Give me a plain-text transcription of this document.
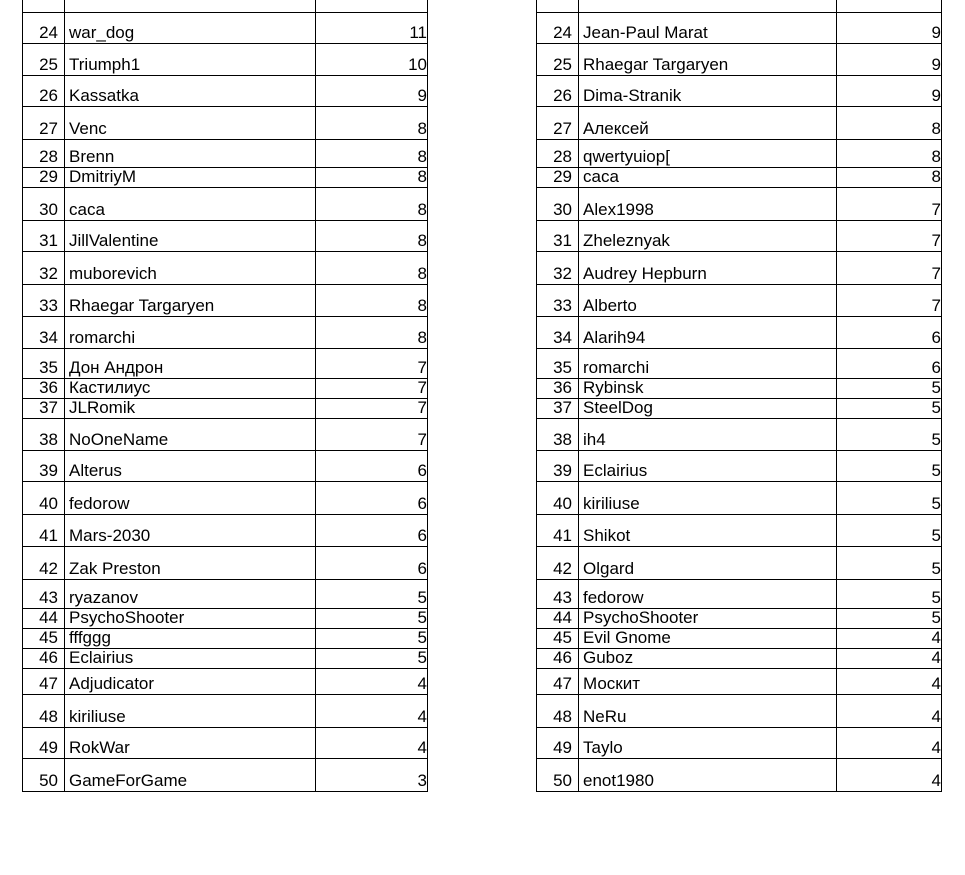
24	war_dog	11
25	Triumph1	10
26	Kassatka	9
27	Venc	8
28	Brenn	8
29	DmitriyM	8
30	caca	8
31	JillValentine	8
32	muborevich	8
33	Rhaegar Targaryen	8
34	romarchi	8
35	Дон Андрон	7
36	Кастилиус	7
37	JLRomik	7
38	NoOneName	7
39	Alterus	6
40	fedorow	6
41	Mars-2030	6
42	Zak Preston	6
43	ryazanov	5
44	PsychoShooter	5
45	fffggg	5
46	Eclairius	5
47	Adjudicator	4
48	kiriliuse	4
49	RokWar	4
50	GameForGame	3

24	Jean-Paul Marat	9
25	Rhaegar Targaryen	9
26	Dima-Stranik	9
27	Алексей	8
28	qwertyuiop[	8
29	caca	8
30	Alex1998	7
31	Zheleznyak	7
32	Audrey Hepburn	7
33	Alberto	7
34	Alarih94	6
35	romarchi	6
36	Rybinsk	5
37	SteelDog	5
38	ih4	5
39	Eclairius	5
40	kiriliuse	5
41	Shikot	5
42	Olgard	5
43	fedorow	5
44	PsychoShooter	5
45	Evil Gnome	4
46	Guboz	4
47	Москит	4
48	NeRu	4
49	Taylo	4
50	enot1980	4
